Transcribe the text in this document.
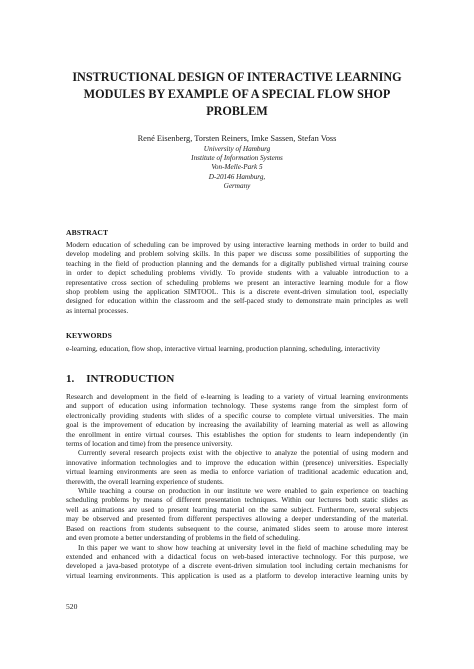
INSTRUCTIONAL DESIGN OF INTERACTIVE LEARNING
MODULES BY EXAMPLE OF A SPECIAL FLOW SHOP
PROBLEM
René Eisenberg, Torsten Reiners, Imke Sassen, Stefan Voss
University of Hamburg
Institute of Information Systems
Von-Melle-Park 5
D-20146 Hamburg,
Germany
ABSTRACT
Modern education of scheduling can be improved by using interactive learning methods in order to build and
develop modeling and problem solving skills. In this paper we discuss some possibilities of supporting the
teaching in the field of production planning and the demands for a digitally published virtual training course
in order to depict scheduling problems vividly. To provide students with a valuable introduction to a
representative cross section of scheduling problems we present an interactive learning module for a flow
shop problem using the application SIMTOOL. This is a discrete event-driven simulation tool, especially
designed for education within the classroom and the self-paced study to demonstrate main principles as well
as internal processes.
KEYWORDS
e-learning, education, flow shop, interactive virtual learning, production planning, scheduling, interactivity
1. INTRODUCTION
Research and development in the field of e-learning is leading to a variety of virtual learning environments
and support of education using information technology. These systems range from the simplest form of
electronically providing students with slides of a specific course to complete virtual universities. The main
goal is the improvement of education by increasing the availability of learning material as well as allowing
the enrollment in entire virtual courses. This establishes the option for students to learn independently (in
terms of location and time) from the presence university.
Currently several research projects exist with the objective to analyze the potential of using modern and
innovative information technologies and to improve the education within (presence) universities. Especially
virtual learning environments are seen as media to enforce variation of traditional academic education and,
therewith, the overall learning experience of students.
While teaching a course on production in our institute we were enabled to gain experience on teaching
scheduling problems by means of different presentation techniques. Within our lectures both static slides as
well as animations are used to present learning material on the same subject. Furthermore, several subjects
may be observed and presented from different perspectives allowing a deeper understanding of the material.
Based on reactions from students subsequent to the course, animated slides seem to arouse more interest
and even promote a better understanding of problems in the field of scheduling.
In this paper we want to show how teaching at university level in the field of machine scheduling may be
extended and enhanced with a didactical focus on web-based interactive technology. For this purpose, we
developed a java-based prototype of a discrete event-driven simulation tool including certain mechanisms for
virtual learning environments. This application is used as a platform to develop interactive learning units by
520
